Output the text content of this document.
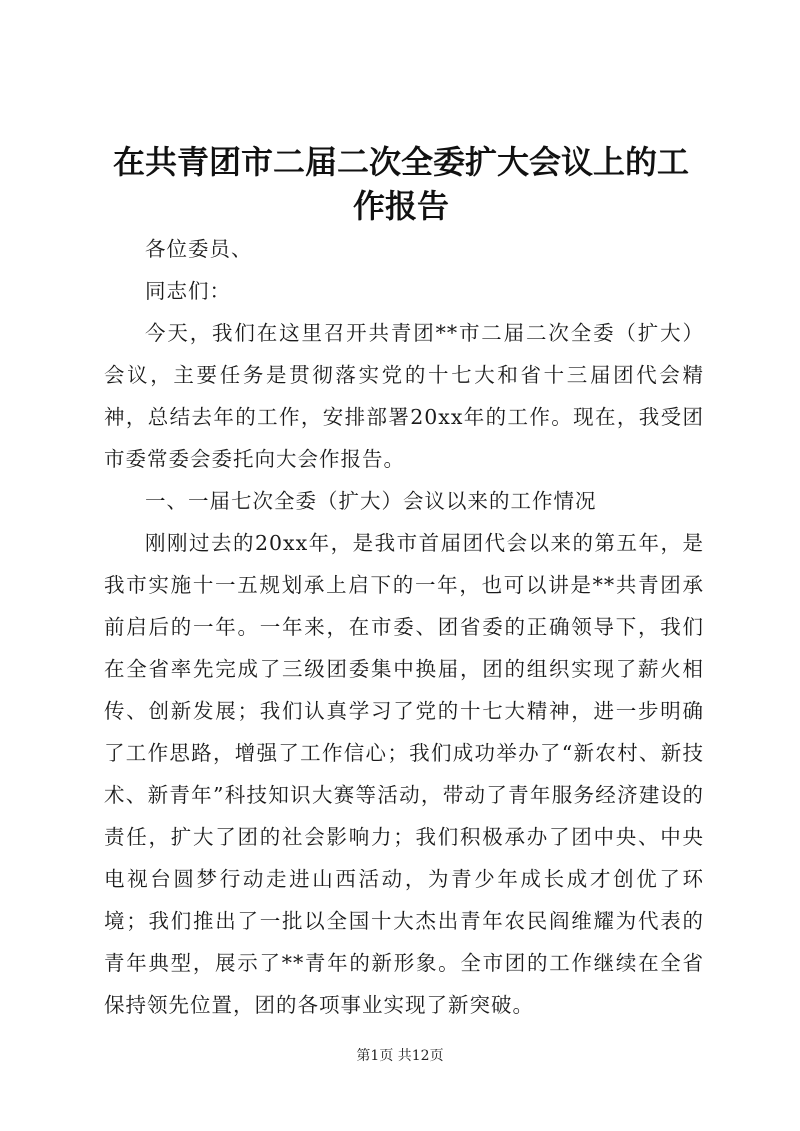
在共青团市二届二次全委扩大会议上的工作报告

各位委员、

同志们：

今天，我们在这里召开共青团**市二届二次全委（扩大）会议，主要任务是贯彻落实党的十七大和省十三届团代会精神，总结去年的工作，安排部署20xx年的工作。现在，我受团市委常委会委托向大会作报告。

一、一届七次全委（扩大）会议以来的工作情况

刚刚过去的20xx年，是我市首届团代会以来的第五年，是我市实施十一五规划承上启下的一年，也可以讲是**共青团承前启后的一年。一年来，在市委、团省委的正确领导下，我们在全省率先完成了三级团委集中换届，团的组织实现了薪火相传、创新发展；我们认真学习了党的十七大精神，进一步明确了工作思路，增强了工作信心；我们成功举办了“新农村、新技术、新青年”科技知识大赛等活动，带动了青年服务经济建设的责任，扩大了团的社会影响力；我们积极承办了团中央、中央电视台圆梦行动走进山西活动，为青少年成长成才创优了环境；我们推出了一批以全国十大杰出青年农民阎维耀为代表的青年典型，展示了**青年的新形象。全市团的工作继续在全省保持领先位置，团的各项事业实现了新突破。

第1页 共12页
